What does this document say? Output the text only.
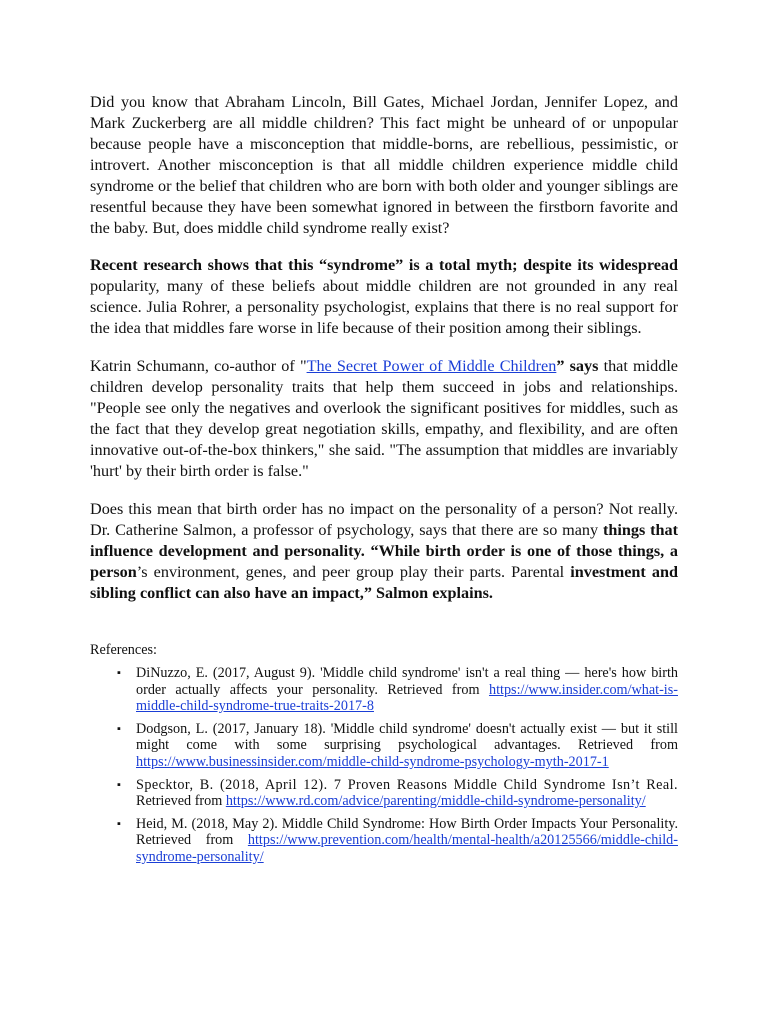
Did you know that Abraham Lincoln, Bill Gates, Michael Jordan, Jennifer Lopez, and Mark Zuckerberg are all middle children? This fact might be unheard of or unpopular because people have a misconception that middle-borns, are rebellious, pessimistic, or introvert. Another misconception is that all middle children experience middle child syndrome or the belief that children who are born with both older and younger siblings are resentful because they have been somewhat ignored in between the firstborn favorite and the baby. But, does middle child syndrome really exist?

Recent research shows that this “syndrome” is a total myth; despite its widespread popularity, many of these beliefs about middle children are not grounded in any real science. Julia Rohrer, a personality psychologist, explains that there is no real support for the idea that middles fare worse in life because of their position among their siblings.

Katrin Schumann, co-author of "The Secret Power of Middle Children” says that middle children develop personality traits that help them succeed in jobs and relationships. "People see only the negatives and overlook the significant positives for middles, such as the fact that they develop great negotiation skills, empathy, and flexibility, and are often innovative out-of-the-box thinkers," she said. "The assumption that middles are invariably 'hurt' by their birth order is false."

Does this mean that birth order has no impact on the personality of a person? Not really. Dr. Catherine Salmon, a professor of psychology, says that there are so many things that influence development and personality. “While birth order is one of those things, a person’s environment, genes, and peer group play their parts. Parental investment and sibling conflict can also have an impact,” Salmon explains.

References:
▪ DiNuzzo, E. (2017, August 9). 'Middle child syndrome' isn't a real thing — here's how birth order actually affects your personality. Retrieved from https://www.insider.com/what-is-middle-child-syndrome-true-traits-2017-8
▪ Dodgson, L. (2017, January 18). 'Middle child syndrome' doesn't actually exist — but it still might come with some surprising psychological advantages. Retrieved from https://www.businessinsider.com/middle-child-syndrome-psychology-myth-2017-1
▪ Specktor, B. (2018, April 12). 7 Proven Reasons Middle Child Syndrome Isn’t Real. Retrieved from https://www.rd.com/advice/parenting/middle-child-syndrome-personality/
▪ Heid, M. (2018, May 2). Middle Child Syndrome: How Birth Order Impacts Your Personality. Retrieved from https://www.prevention.com/health/mental-health/a20125566/middle-child-syndrome-personality/
